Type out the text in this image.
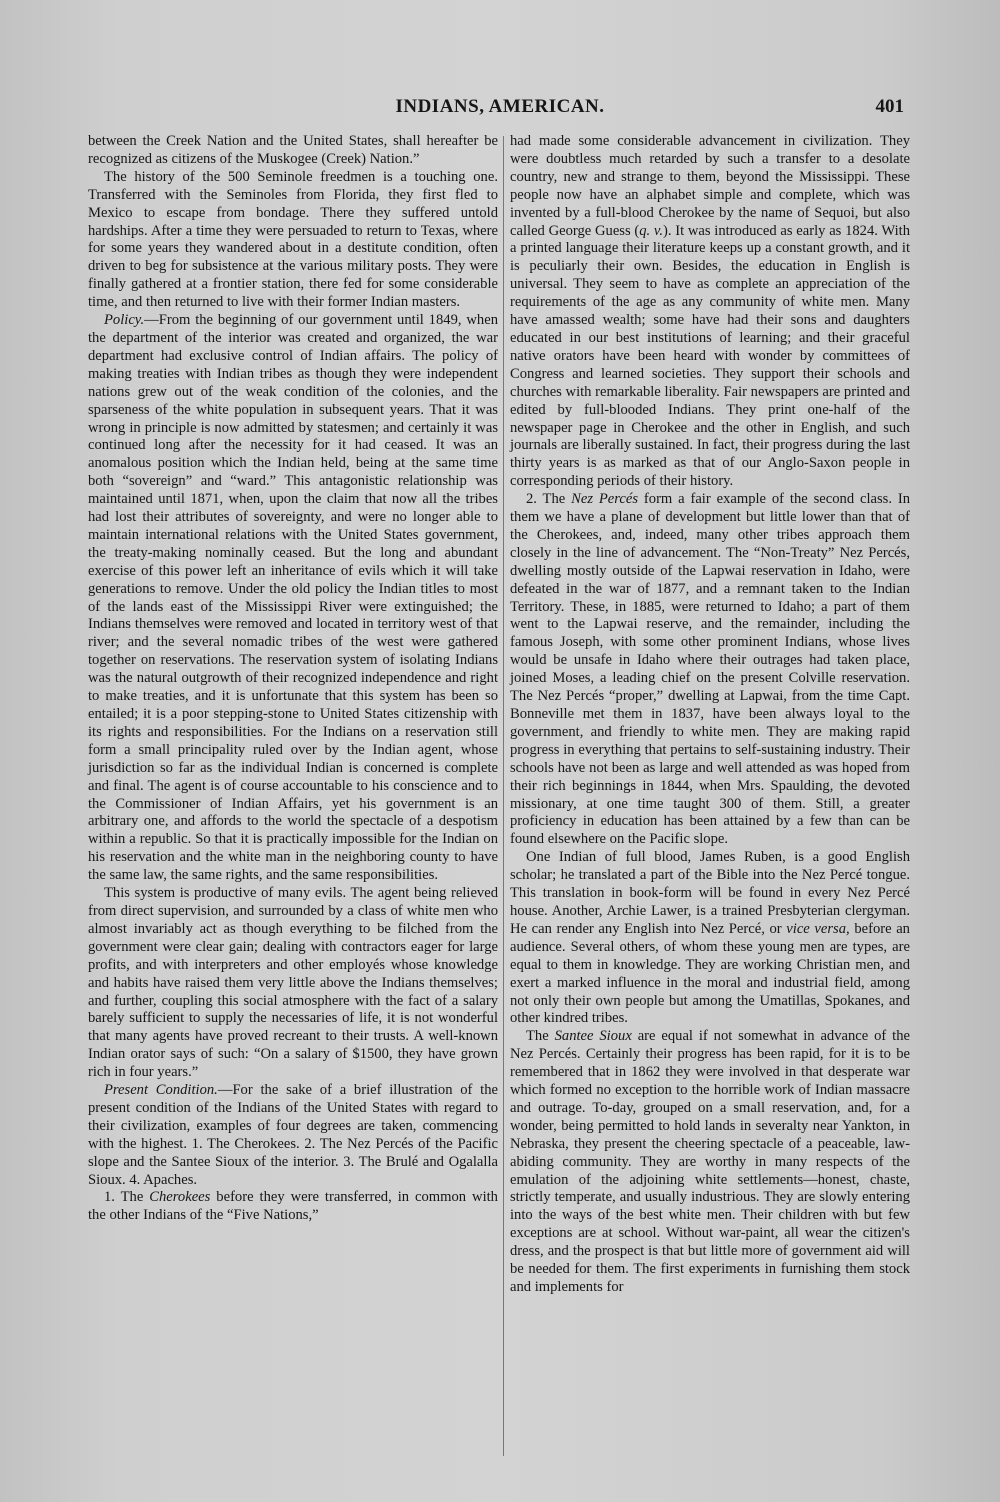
INDIANS, AMERICAN.	401

between the Creek Nation and the United States, shall hereafter be recognized as citizens of the Muskogee (Creek) Nation.”

The history of the 500 Seminole freedmen is a touching one. Transferred with the Seminoles from Florida, they first fled to Mexico to escape from bondage. There they suffered untold hardships. After a time they were persuaded to return to Texas, where for some years they wandered about in a destitute condition, often driven to beg for subsistence at the various military posts. They were finally gathered at a frontier station, there fed for some considerable time, and then returned to live with their former Indian masters.

Policy.—From the beginning of our government until 1849, when the department of the interior was created and organized, the war department had exclusive control of Indian affairs. The policy of making treaties with Indian tribes as though they were independent nations grew out of the weak condition of the colonies, and the sparseness of the white population in subsequent years. That it was wrong in principle is now admitted by statesmen; and certainly it was continued long after the necessity for it had ceased. It was an anomalous position which the Indian held, being at the same time both “sovereign” and “ward.” This antagonistic relationship was maintained until 1871, when, upon the claim that now all the tribes had lost their attributes of sovereignty, and were no longer able to maintain international relations with the United States government, the treaty-making nominally ceased. But the long and abundant exercise of this power left an inheritance of evils which it will take generations to remove. Under the old policy the Indian titles to most of the lands east of the Mississippi River were extinguished; the Indians themselves were removed and located in territory west of that river; and the several nomadic tribes of the west were gathered together on reservations. The reservation system of isolating Indians was the natural outgrowth of their recognized independence and right to make treaties, and it is unfortunate that this system has been so entailed; it is a poor stepping-stone to United States citizenship with its rights and responsibilities. For the Indians on a reservation still form a small principality ruled over by the Indian agent, whose jurisdiction so far as the individual Indian is concerned is complete and final. The agent is of course accountable to his conscience and to the Commissioner of Indian Affairs, yet his government is an arbitrary one, and affords to the world the spectacle of a despotism within a republic. So that it is practically impossible for the Indian on his reservation and the white man in the neighboring county to have the same law, the same rights, and the same responsibilities.

This system is productive of many evils. The agent being relieved from direct supervision, and surrounded by a class of white men who almost invariably act as though everything to be filched from the government were clear gain; dealing with contractors eager for large profits, and with interpreters and other employés whose knowledge and habits have raised them very little above the Indians themselves; and further, coupling this social atmosphere with the fact of a salary barely sufficient to supply the necessaries of life, it is not wonderful that many agents have proved recreant to their trusts. A well-known Indian orator says of such: “On a salary of $1500, they have grown rich in four years.”

Present Condition.—For the sake of a brief illustration of the present condition of the Indians of the United States with regard to their civilization, examples of four degrees are taken, commencing with the highest. 1. The Cherokees. 2. The Nez Percés of the Pacific slope and the Santee Sioux of the interior. 3. The Brulé and Ogalalla Sioux. 4. Apaches.

1. The Cherokees before they were transferred, in common with the other Indians of the “Five Nations,”

had made some considerable advancement in civilization. They were doubtless much retarded by such a transfer to a desolate country, new and strange to them, beyond the Mississippi. These people now have an alphabet simple and complete, which was invented by a full-blood Cherokee by the name of Sequoi, but also called George Guess (q. v.). It was introduced as early as 1824. With a printed language their literature keeps up a constant growth, and it is peculiarly their own. Besides, the education in English is universal. They seem to have as complete an appreciation of the requirements of the age as any community of white men. Many have amassed wealth; some have had their sons and daughters educated in our best institutions of learning; and their graceful native orators have been heard with wonder by committees of Congress and learned societies. They support their schools and churches with remarkable liberality. Fair newspapers are printed and edited by full-blooded Indians. They print one-half of the newspaper page in Cherokee and the other in English, and such journals are liberally sustained. In fact, their progress during the last thirty years is as marked as that of our Anglo-Saxon people in corresponding periods of their history.

2. The Nez Percés form a fair example of the second class. In them we have a plane of development but little lower than that of the Cherokees, and, indeed, many other tribes approach them closely in the line of advancement. The “Non-Treaty” Nez Percés, dwelling mostly outside of the Lapwai reservation in Idaho, were defeated in the war of 1877, and a remnant taken to the Indian Territory. These, in 1885, were returned to Idaho; a part of them went to the Lapwai reserve, and the remainder, including the famous Joseph, with some other prominent Indians, whose lives would be unsafe in Idaho where their outrages had taken place, joined Moses, a leading chief on the present Colville reservation. The Nez Percés “proper,” dwelling at Lapwai, from the time Capt. Bonneville met them in 1837, have been always loyal to the government, and friendly to white men. They are making rapid progress in everything that pertains to self-sustaining industry. Their schools have not been as large and well attended as was hoped from their rich beginnings in 1844, when Mrs. Spaulding, the devoted missionary, at one time taught 300 of them. Still, a greater proficiency in education has been attained by a few than can be found elsewhere on the Pacific slope.

One Indian of full blood, James Ruben, is a good English scholar; he translated a part of the Bible into the Nez Percé tongue. This translation in book-form will be found in every Nez Percé house. Another, Archie Lawer, is a trained Presbyterian clergyman. He can render any English into Nez Percé, or vice versa, before an audience. Several others, of whom these young men are types, are equal to them in knowledge. They are working Christian men, and exert a marked influence in the moral and industrial field, among not only their own people but among the Umatillas, Spokanes, and other kindred tribes.

The Santee Sioux are equal if not somewhat in advance of the Nez Percés. Certainly their progress has been rapid, for it is to be remembered that in 1862 they were involved in that desperate war which formed no exception to the horrible work of Indian massacre and outrage. To-day, grouped on a small reservation, and, for a wonder, being permitted to hold lands in severalty near Yankton, in Nebraska, they present the cheering spectacle of a peaceable, law-abiding community. They are worthy in many respects of the emulation of the adjoining white settlements—honest, chaste, strictly temperate, and usually industrious. They are slowly entering into the ways of the best white men. Their children with but few exceptions are at school. Without war-paint, all wear the citizen's dress, and the prospect is that but little more of government aid will be needed for them. The first experiments in furnishing them stock and implements for
